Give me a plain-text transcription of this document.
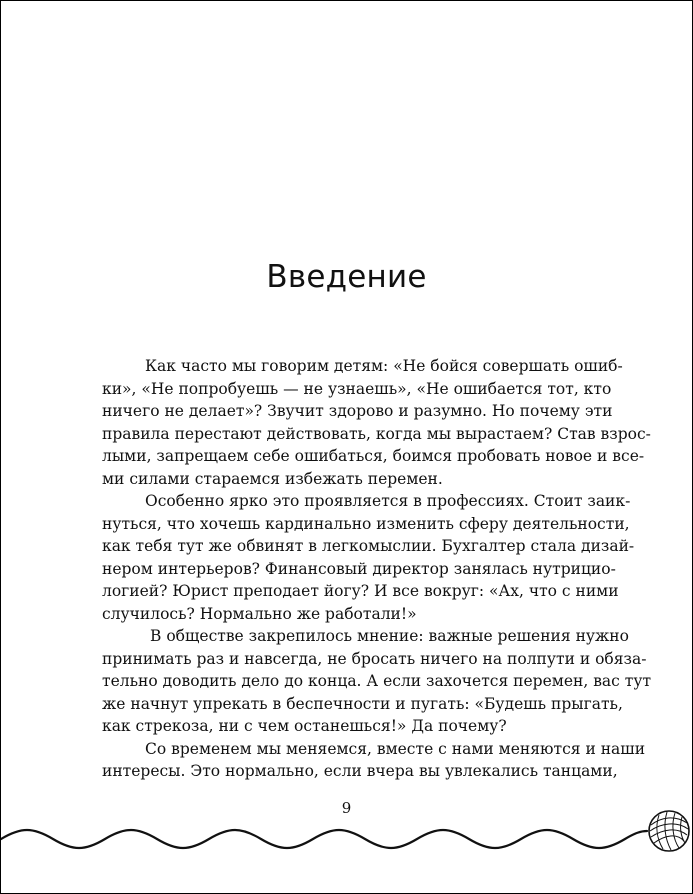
Введение
Как часто мы говорим детям: «Не бойся совершать ошиб-
ки», «Не попробуешь — не узнаешь», «Не ошибается тот, кто
ничего не делает»? Звучит здорово и разумно. Но почему эти
правила перестают действовать, когда мы вырастаем? Став взрос-
лыми, запрещаем себе ошибаться, боимся пробовать новое и все-
ми силами стараемся избежать перемен.
Особенно ярко это проявляется в профессиях. Стоит заик-
нуться, что хочешь кардинально изменить сферу деятельности,
как тебя тут же обвинят в легкомыслии. Бухгалтер стала дизай-
нером интерьеров? Финансовый директор занялась нутрицио-
логией? Юрист преподает йогу? И все вокруг: «Ах, что с ними
случилось? Нормально же работали!»
В обществе закрепилось мнение: важные решения нужно
принимать раз и навсегда, не бросать ничего на полпути и обяза-
тельно доводить дело до конца. А если захочется перемен, вас тут
же начнут упрекать в беспечности и пугать: «Будешь прыгать,
как стрекоза, ни с чем останешься!» Да почему?
Со временем мы меняемся, вместе с нами меняются и наши
интересы. Это нормально, если вчера вы увлекались танцами,
9
